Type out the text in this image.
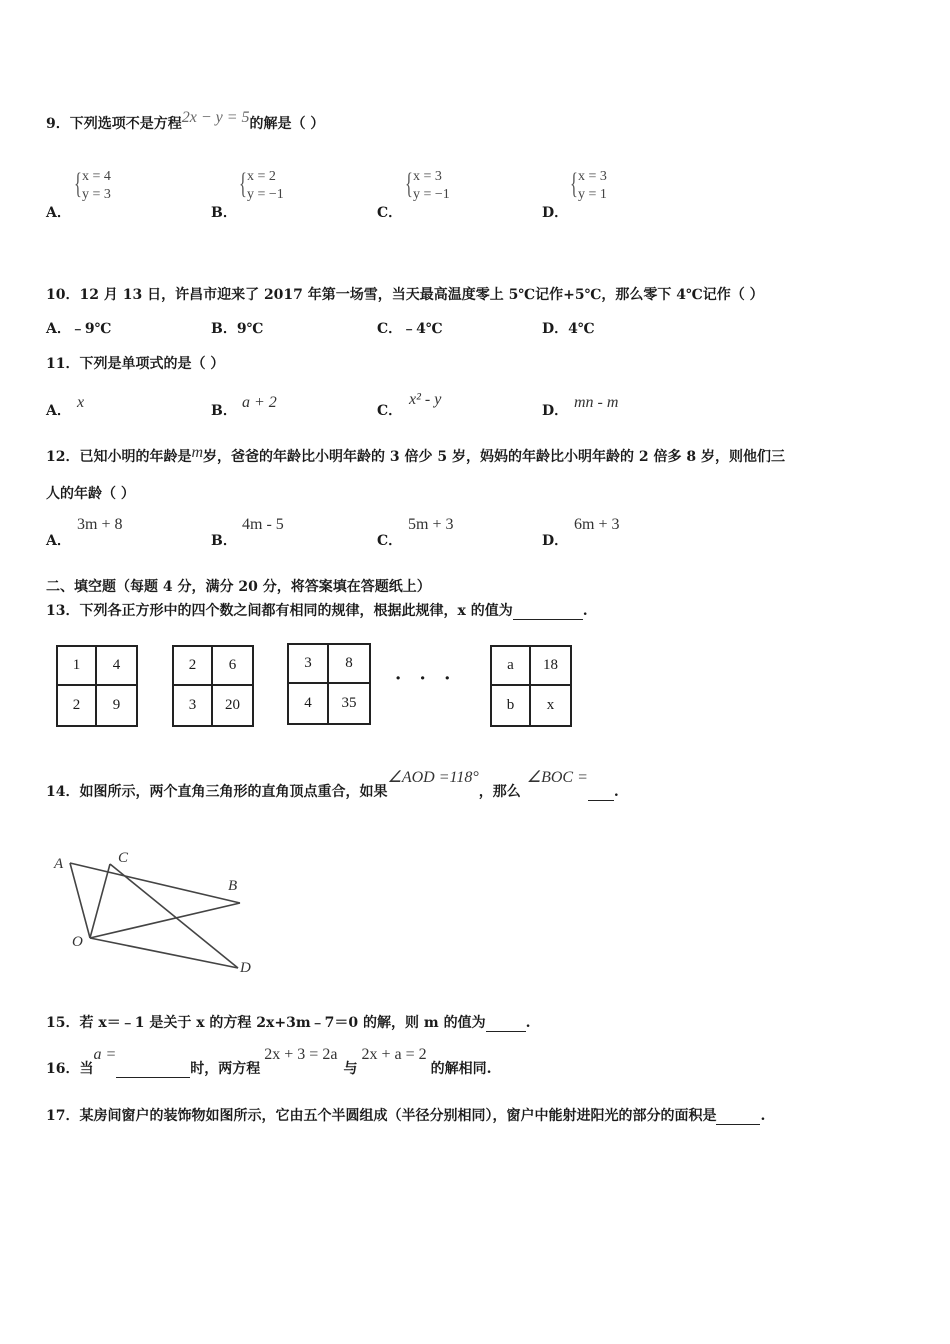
9．下列选项不是方程2x − y = 5的解是（ ）
A．
{ x = 4
y = 3
B．
{ x = 2
y = −1
C．
{ x = 3
y = −1
D．
{ x = 3
y = 1
10．12 月 13 日，许昌市迎来了 2017 年第一场雪，当天最高温度零上 5℃记作+5℃，那么零下 4℃记作（ ）
A．﹣9℃	B．9℃	C．﹣4℃	D．4℃
11．下列是单项式的是（ ）
A． x	B． a + 2	C．
x² - y
D． mn - m
12．已知小明的年龄是m岁，爸爸的年龄比小明年龄的 3 倍少 5 岁，妈妈的年龄比小明年龄的 2 倍多 8 岁，则他们三
人的年龄（ ）
A．
3m + 8
B．
4m - 5
C．
5m + 3
D．
6m + 3
二、填空题（每题 4 分，满分 20 分，将答案填在答题纸上）
13．下列各正方形中的四个数之间都有相同的规律，根据此规律，x 的值为	.
1	4
2	9
2	6
3	20
3	8
4	35
· · ·
a	18
b	x
14．如图所示，两个直角三角形的直角顶点重合，如果∠AOD =118°，那么∠BOC =.
A	C
B
O
D
15．若 x＝﹣1 是关于 x 的方程 2x+3m﹣7＝0 的解，则 m 的值为	.
16．当a =时，两方程2x + 3 = 2a与2x + a = 2的解相同.
17．某房间窗户的装饰物如图所示，它由五个半圆组成（半径分别相同），窗户中能射进阳光的部分的面积是	.
